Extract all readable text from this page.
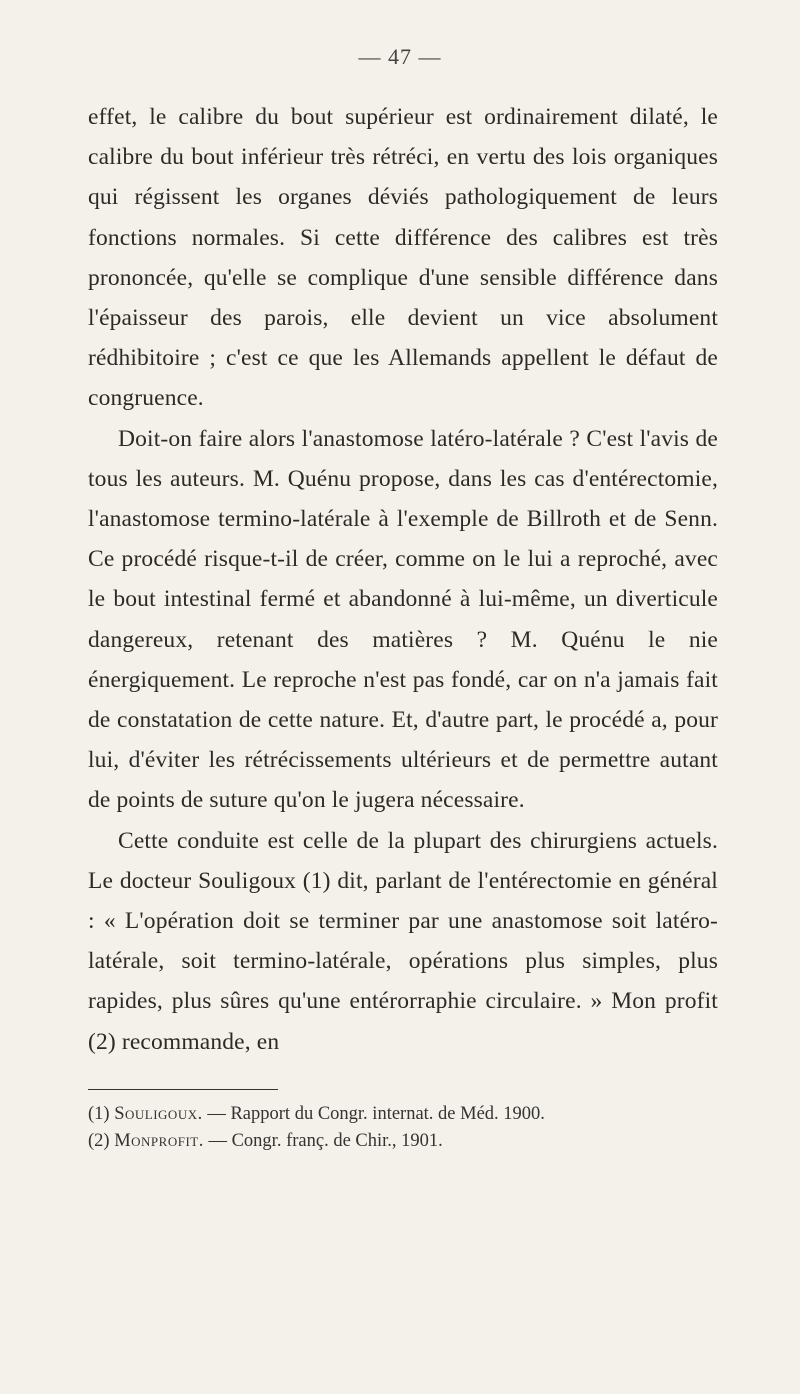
— 47 —

effet, le calibre du bout supérieur est ordinairement dilaté, le calibre du bout inférieur très rétréci, en vertu des lois organiques qui régissent les organes déviés pathologiquement de leurs fonctions normales. Si cette différence des calibres est très prononcée, qu'elle se complique d'une sensible différence dans l'épaisseur des parois, elle devient un vice absolument rédhibitoire ; c'est ce que les Allemands appellent le défaut de congruence.

Doit-on faire alors l'anastomose latéro-latérale ? C'est l'avis de tous les auteurs. M. Quénu propose, dans les cas d'entérectomie, l'anastomose termino-latérale à l'exemple de Billroth et de Senn. Ce procédé risque-t-il de créer, comme on le lui a reproché, avec le bout intestinal fermé et abandonné à lui-même, un diverticule dangereux, retenant des matières ? M. Quénu le nie énergiquement. Le reproche n'est pas fondé, car on n'a jamais fait de constatation de cette nature. Et, d'autre part, le procédé a, pour lui, d'éviter les rétrécissements ultérieurs et de permettre autant de points de suture qu'on le jugera nécessaire.

Cette conduite est celle de la plupart des chirurgiens actuels. Le docteur Souligoux (1) dit, parlant de l'entérectomie en général : « L'opération doit se terminer par une anastomose soit latéro-latérale, soit termino-latérale, opérations plus simples, plus rapides, plus sûres qu'une entérorraphie circulaire. » Mon profit (2) recommande, en

(1) Souligoux. — Rapport du Congr. internat. de Méd. 1900.
(2) Monprofit. — Congr. franç. de Chir., 1901.
